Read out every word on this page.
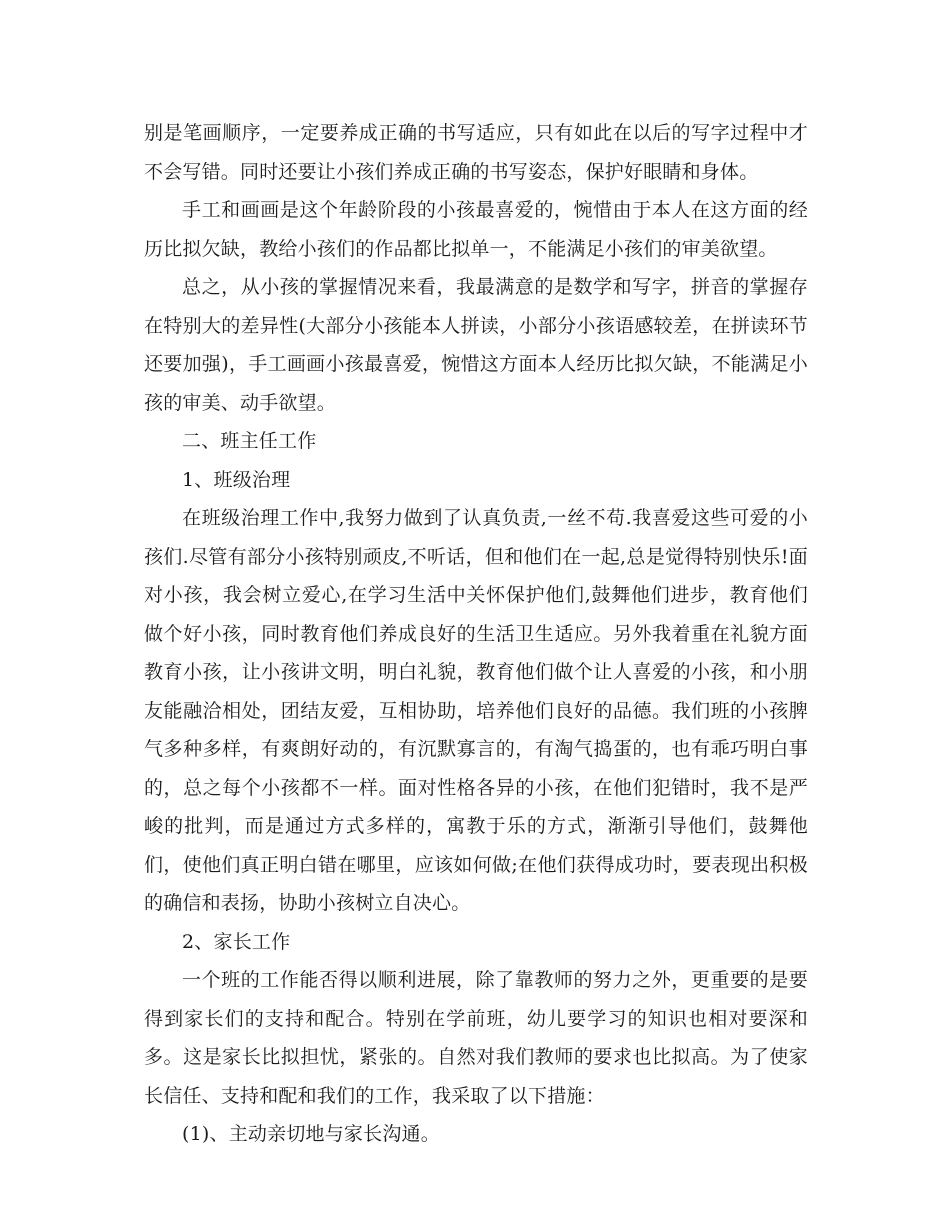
别是笔画顺序，一定要养成正确的书写适应，只有如此在以后的写字过程中才不会写错。同时还要让小孩们养成正确的书写姿态，保护好眼睛和身体。

手工和画画是这个年龄阶段的小孩最喜爱的，惋惜由于本人在这方面的经历比拟欠缺，教给小孩们的作品都比拟单一，不能满足小孩们的审美欲望。

总之，从小孩的掌握情况来看，我最满意的是数学和写字，拼音的掌握存在特别大的差异性(大部分小孩能本人拼读，小部分小孩语感较差，在拼读环节还要加强)，手工画画小孩最喜爱，惋惜这方面本人经历比拟欠缺，不能满足小孩的审美、动手欲望。

二、班主任工作

1、班级治理

在班级治理工作中,我努力做到了认真负责,一丝不苟.我喜爱这些可爱的小孩们.尽管有部分小孩特别顽皮,不听话，但和他们在一起,总是觉得特别快乐!面对小孩，我会树立爱心,在学习生活中关怀保护他们,鼓舞他们进步，教育他们做个好小孩，同时教育他们养成良好的生活卫生适应。另外我着重在礼貌方面教育小孩，让小孩讲文明，明白礼貌，教育他们做个让人喜爱的小孩，和小朋友能融洽相处，团结友爱，互相协助，培养他们良好的品德。我们班的小孩脾气多种多样，有爽朗好动的，有沉默寡言的，有淘气捣蛋的，也有乖巧明白事的，总之每个小孩都不一样。面对性格各异的小孩，在他们犯错时，我不是严峻的批判，而是通过方式多样的，寓教于乐的方式，渐渐引导他们，鼓舞他们，使他们真正明白错在哪里，应该如何做;在他们获得成功时，要表现出积极的确信和表扬，协助小孩树立自决心。

2、家长工作

一个班的工作能否得以顺利进展，除了靠教师的努力之外，更重要的是要得到家长们的支持和配合。特别在学前班，幼儿要学习的知识也相对要深和多。这是家长比拟担忧，紧张的。自然对我们教师的要求也比拟高。为了使家长信任、支持和配和我们的工作，我采取了以下措施：

(1)、主动亲切地与家长沟通。
